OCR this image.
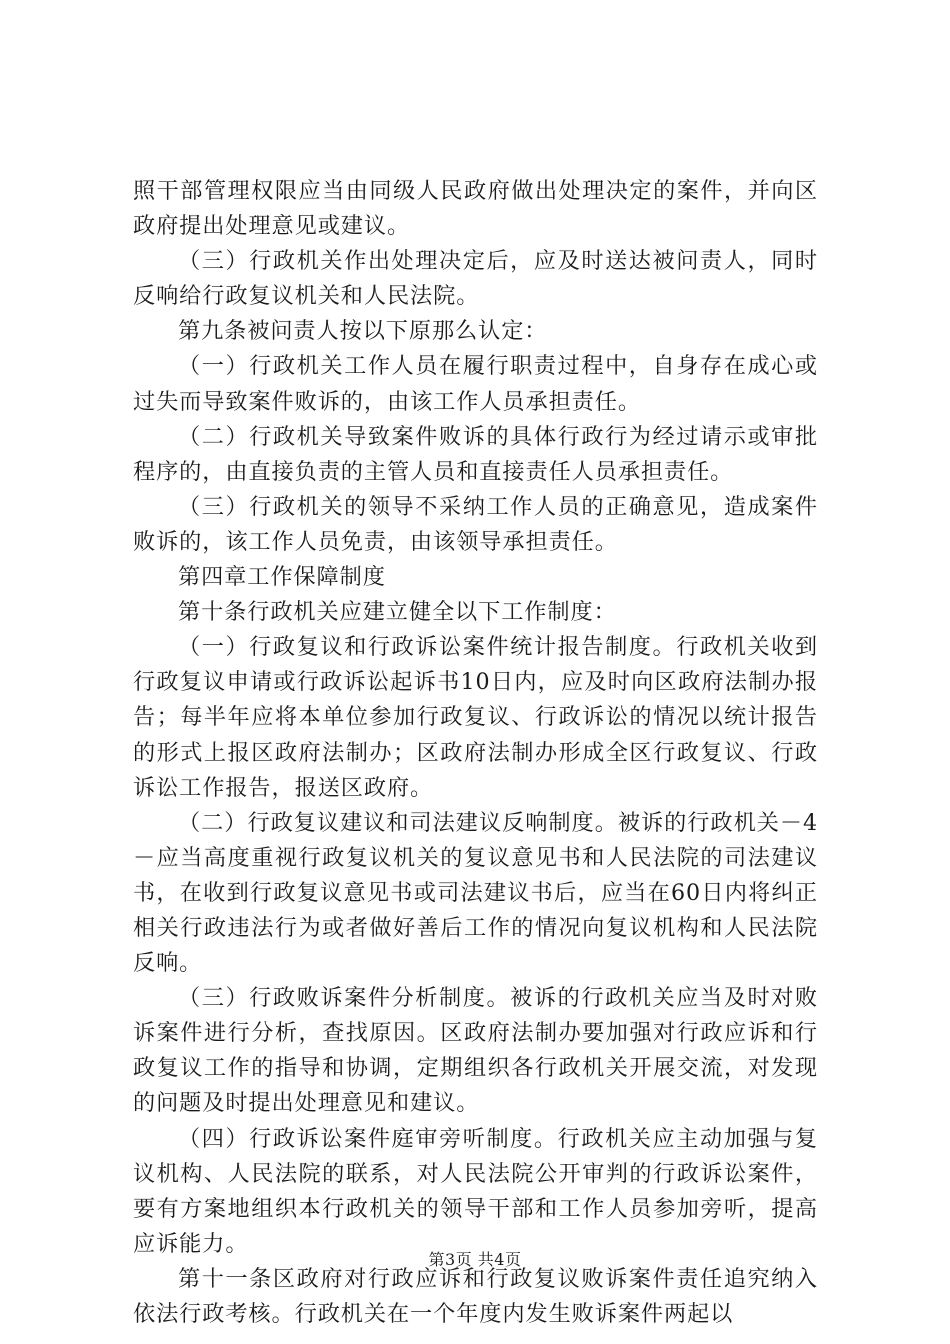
照干部管理权限应当由同级人民政府做出处理决定的案件，并向区政府提出处理意见或建议。

（三）行政机关作出处理决定后，应及时送达被问责人，同时反响给行政复议机关和人民法院。

第九条被问责人按以下原那么认定：

（一）行政机关工作人员在履行职责过程中，自身存在成心或过失而导致案件败诉的，由该工作人员承担责任。

（二）行政机关导致案件败诉的具体行政行为经过请示或审批程序的，由直接负责的主管人员和直接责任人员承担责任。

（三）行政机关的领导不采纳工作人员的正确意见，造成案件败诉的，该工作人员免责，由该领导承担责任。

第四章工作保障制度

第十条行政机关应建立健全以下工作制度：

（一）行政复议和行政诉讼案件统计报告制度。行政机关收到行政复议申请或行政诉讼起诉书10日内，应及时向区政府法制办报告；每半年应将本单位参加行政复议、行政诉讼的情况以统计报告的形式上报区政府法制办；区政府法制办形成全区行政复议、行政诉讼工作报告，报送区政府。

（二）行政复议建议和司法建议反响制度。被诉的行政机关－4－应当高度重视行政复议机关的复议意见书和人民法院的司法建议书，在收到行政复议意见书或司法建议书后，应当在60日内将纠正相关行政违法行为或者做好善后工作的情况向复议机构和人民法院反响。

（三）行政败诉案件分析制度。被诉的行政机关应当及时对败诉案件进行分析，查找原因。区政府法制办要加强对行政应诉和行政复议工作的指导和协调，定期组织各行政机关开展交流，对发现的问题及时提出处理意见和建议。

（四）行政诉讼案件庭审旁听制度。行政机关应主动加强与复议机构、人民法院的联系，对人民法院公开审判的行政诉讼案件，要有方案地组织本行政机关的领导干部和工作人员参加旁听，提高应诉能力。

第十一条区政府对行政应诉和行政复议败诉案件责任追究纳入依法行政考核。行政机关在一个年度内发生败诉案件两起以

第3页 共4页
